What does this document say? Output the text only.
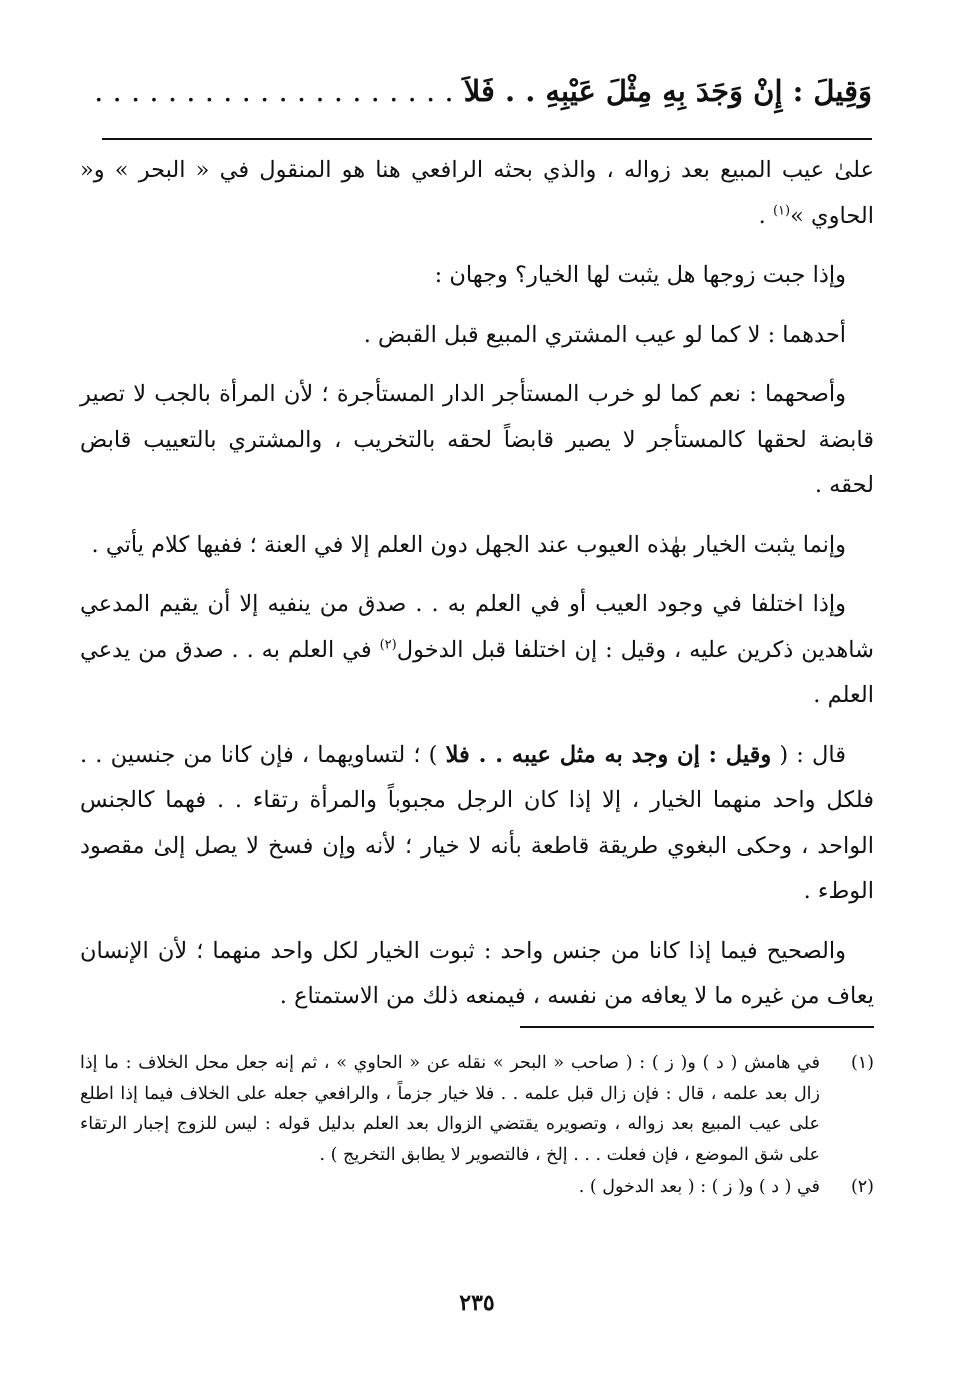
وَقِيلَ : إِنْ وَجَدَ بِهِ مِثْلَ عَيْبِهِ . . فَلاَ . . . . . . . . . . . . . . . . . . . .

علىٰ عيب المبيع بعد زواله ، والذي بحثه الرافعي هنا هو المنقول في « البحر » و« الحاوي »$^{(١)}$ .

وإذا جبت زوجها هل يثبت لها الخيار؟ وجهان :

أحدهما : لا كما لو عيب المشتري المبيع قبل القبض .

وأصحهما : نعم كما لو خرب المستأجر الدار المستأجرة ؛ لأن المرأة بالجب لا تصير قابضة لحقها كالمستأجر لا يصير قابضاً لحقه بالتخريب ، والمشتري بالتعييب قابض لحقه .

وإنما يثبت الخيار بهٰذه العيوب عند الجهل دون العلم إلا في العنة ؛ ففيها كلام يأتي .

وإذا اختلفا في وجود العيب أو في العلم به . . صدق من ينفيه إلا أن يقيم المدعي شاهدين ذكرين عليه ، وقيل : إن اختلفا قبل الدخول$^{(٢)}$ في العلم به . . صدق من يدعي العلم .

قال : ( وقيل : إن وجد به مثل عيبه . . فلا ) ؛ لتساويهما ، فإن كانا من جنسين . . فلكل واحد منهما الخيار ، إلا إذا كان الرجل مجبوباً والمرأة رتقاء . . فهما كالجنس الواحد ، وحكى البغوي طريقة قاطعة بأنه لا خيار ؛ لأنه وإن فسخ لا يصل إلىٰ مقصود الوطء .

والصحيح فيما إذا كانا من جنس واحد : ثبوت الخيار لكل واحد منهما ؛ لأن الإنسان يعاف من غيره ما لا يعافه من نفسه ، فيمنعه ذلك من الاستمتاع .

(١)
في هامش ( د ) و( ز ) : ( صاحب « البحر » نقله عن « الحاوي » ، ثم إنه جعل محل الخلاف : ما إذا زال بعد علمه ، قال : فإن زال قبل علمه . . فلا خيار جزماً ، والرافعي جعله على الخلاف فيما إذا اطلع على عيب المبيع بعد زواله ، وتصويره يقتضي الزوال بعد العلم بدليل قوله : ليس للزوج إجبار الرتقاء على شق الموضع ، فإن فعلت . . . إلخ ، فالتصوير لا يطابق التخريج ) .
(٢)
في ( د ) و( ز ) : ( بعد الدخول ) .
٢٣٥
